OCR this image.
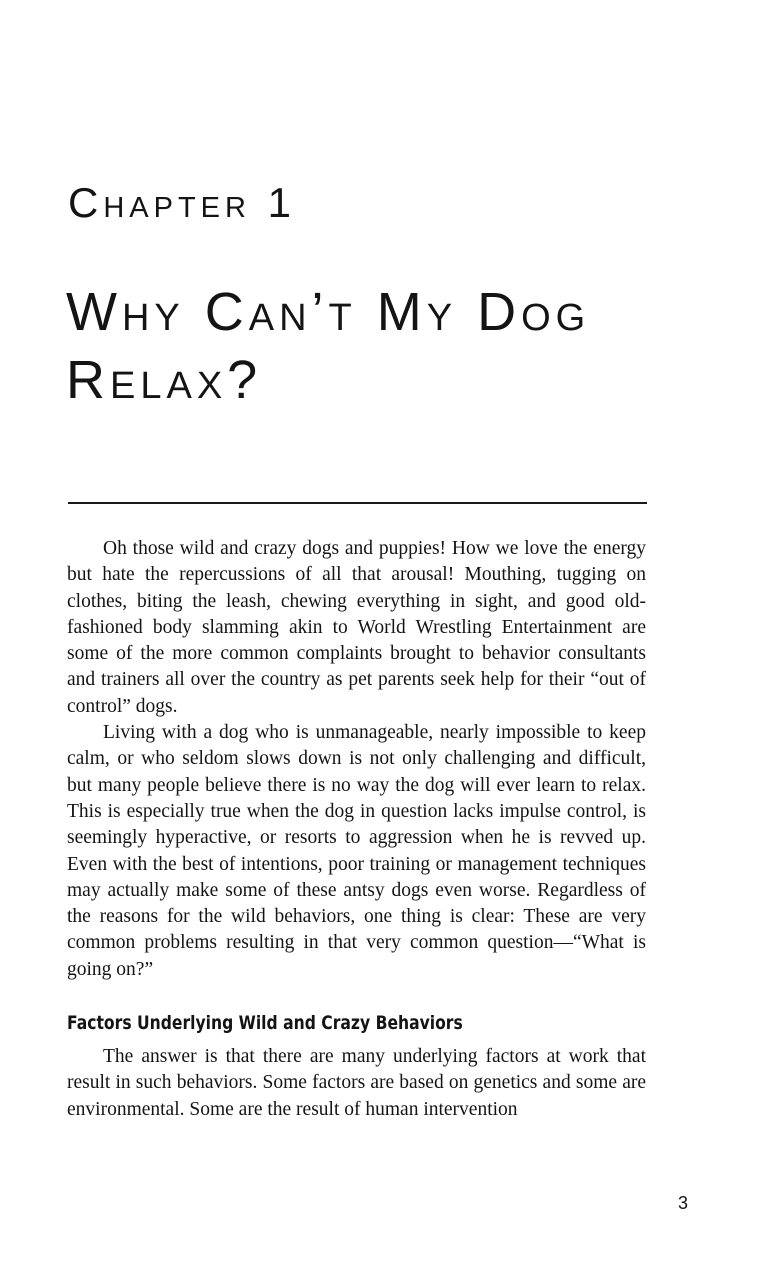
Chapter 1
Why Can’t My Dog Relax?

Oh those wild and crazy dogs and puppies! How we love the energy but hate the repercussions of all that arousal! Mouthing, tugging on clothes, biting the leash, chewing everything in sight, and good old-fashioned body slamming akin to World Wrestling Entertainment are some of the more common complaints brought to behavior consultants and trainers all over the country as pet parents seek help for their “out of control” dogs.

Living with a dog who is unmanageable, nearly impossible to keep calm, or who seldom slows down is not only challenging and difficult, but many people believe there is no way the dog will ever learn to relax. This is especially true when the dog in question lacks impulse control, is seemingly hyperactive, or resorts to aggression when he is revved up. Even with the best of intentions, poor training or management techniques may actually make some of these antsy dogs even worse. Regardless of the reasons for the wild behaviors, one thing is clear: These are very common problems resulting in that very common question—“What is going on?”

Factors Underlying Wild and Crazy Behaviors

The answer is that there are many underlying factors at work that result in such behaviors. Some factors are based on genetics and some are environmental. Some are the result of human intervention

3
